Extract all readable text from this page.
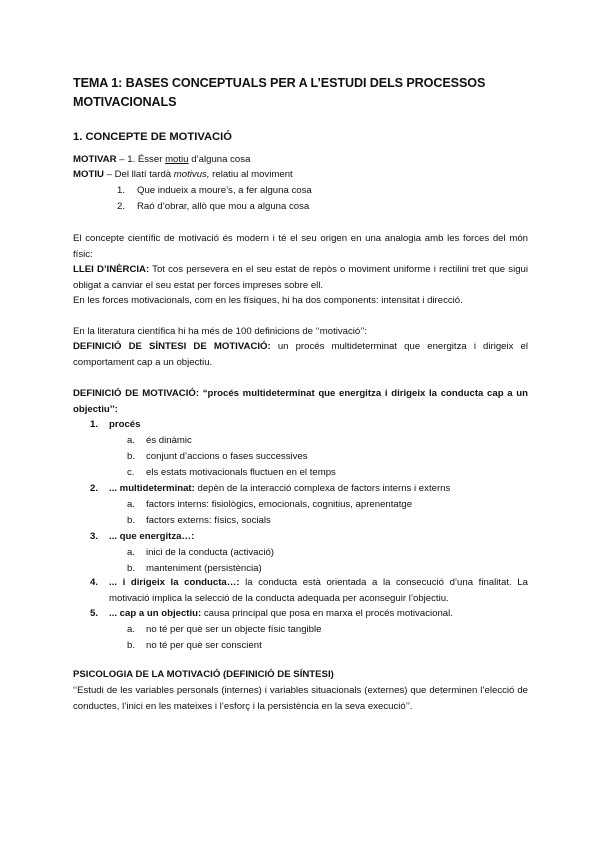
TEMA 1: BASES CONCEPTUALS PER A L’ESTUDI DELS PROCESSOS MOTIVACIONALS
1. CONCEPTE DE MOTIVACIÓ
MOTIVAR – 1. Ésser motiu d’alguna cosa
MOTIU – Del llatí tardà motivus, relatiu al moviment
1. Que indueix a moure’s, a fer alguna cosa
2. Raó d’obrar, allò que mou a alguna cosa
El concepte científic de motivació és modern i té el seu origen en una analogia amb les forces del món físic:
LLEI D’INÈRCIA: Tot cos persevera en el seu estat de repòs o moviment uniforme i rectilini tret que sigui obligat a canviar el seu estat per forces impreses sobre ell.
En les forces motivacionals, com en les físiques, hi ha dos components: intensitat i direcció.
En la literatura científica hi ha més de 100 definicions de ‘‘motivació’’:
DEFINICIÓ DE SÍNTESI DE MOTIVACIÓ: un procés multideterminat que energitza i dirigeix el comportament cap a un objectiu.
DEFINICIÓ DE MOTIVACIÓ: “procés multideterminat que energitza i dirigeix la conducta cap a un objectiu’’:
1. procés
a. és dinàmic
b. conjunt d’accions o fases successives
c. els estats motivacionals fluctuen en el temps
2. ... multideterminat: depèn de la interacció complexa de factors interns i externs
a. factors interns: fisiològics, emocionals, cognitius, aprenentatge
b. factors externs: físics, socials
3. ... que energitza…:
a. inici de la conducta (activació)
b. manteniment (persistència)
4. ... i dirigeix la conducta…: la conducta està orientada a la consecució d’una finalitat. La motivació implica la selecció de la conducta adequada per aconseguir l’objectiu.
5. ... cap a un objectiu: causa principal que posa en marxa el procés motivacional.
a. no té per què ser un objecte físic tangible
b. no té per què ser conscient
PSICOLOGIA DE LA MOTIVACIÓ (DEFINICIÓ DE SÍNTESI)
‘‘Estudi de les variables personals (internes) i variables situacionals (externes) que determinen l’elecció de conductes, l’inici en les mateixes i l’esforç i la persistència en la seva execució’’.
